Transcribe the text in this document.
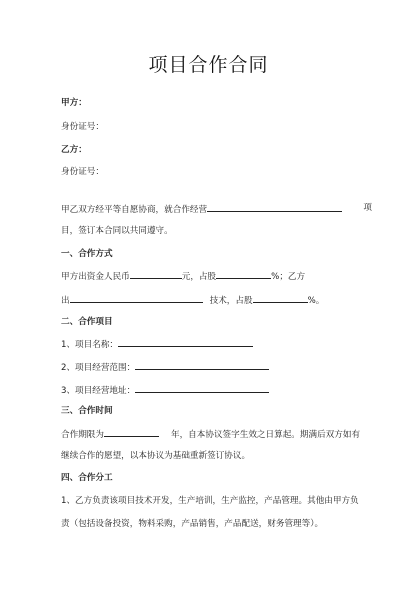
项目合作合同
甲方：
身份证号：
乙方：
身份证号：
甲乙双方经平等自愿协商，就合作经营	项
目，签订本合同以共同遵守。
一、合作方式
甲方出资金人民币	元，占股	%；乙方
出	技术，占股	%。
二、合作项目
1、项目名称：
2、项目经营范围：
3、项目经营地址：
三、合作时间
合作期限为	年，自本协议签字生效之日算起。期满后双方如有
继续合作的愿望，以本协议为基础重新签订协议。
四、合作分工
1、乙方负责该项目技术开发，生产培训，生产监控，产品管理。其他由甲方负
责（包括设备投资，物料采购，产品销售，产品配送，财务管理等）。
